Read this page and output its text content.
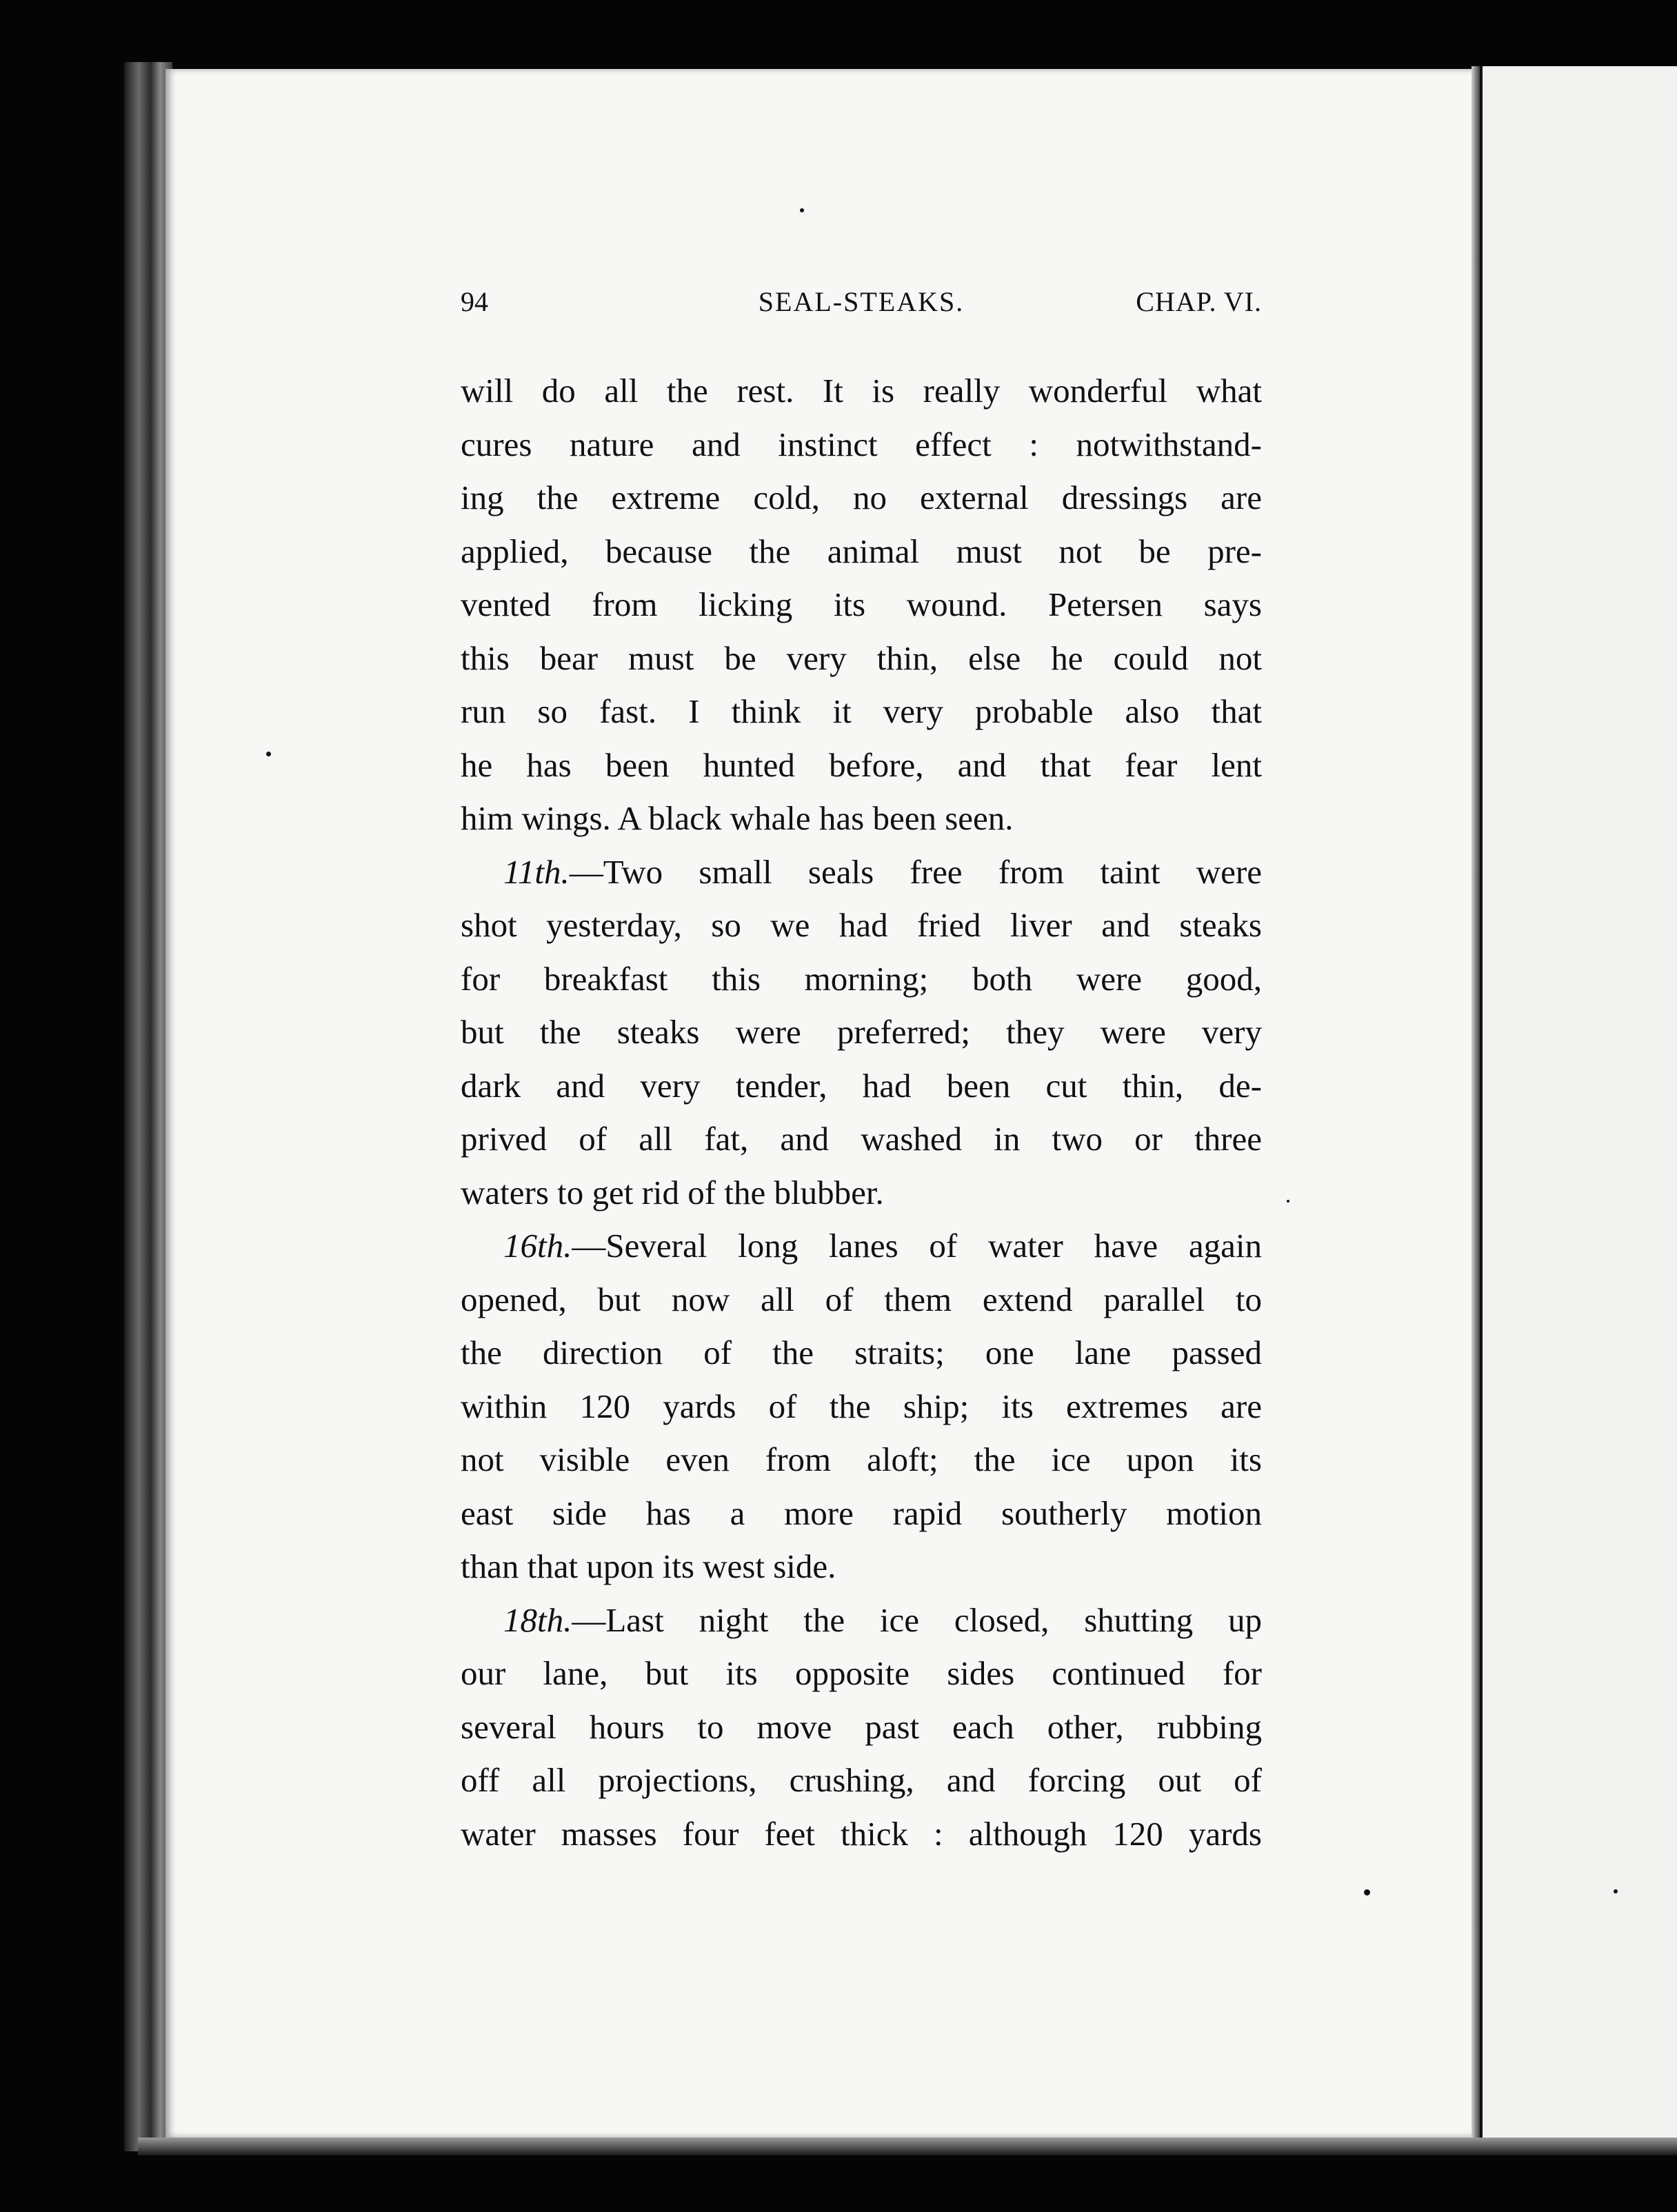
94	SEAL-STEAKS.	CHAP. VI.
will do all the rest. It is really wonderful what
cures nature and instinct effect : notwithstand-
ing the extreme cold, no external dressings are
applied, because the animal must not be pre-
vented from licking its wound. Petersen says
this bear must be very thin, else he could not
run so fast. I think it very probable also that
he has been hunted before, and that fear lent
him wings. A black whale has been seen.
11th.—Two small seals free from taint were
shot yesterday, so we had fried liver and steaks
for breakfast this morning; both were good,
but the steaks were preferred; they were very
dark and very tender, had been cut thin, de-
prived of all fat, and washed in two or three
waters to get rid of the blubber.
16th.—Several long lanes of water have again
opened, but now all of them extend parallel to
the direction of the straits; one lane passed
within 120 yards of the ship; its extremes are
not visible even from aloft; the ice upon its
east side has a more rapid southerly motion
than that upon its west side.
18th.—Last night the ice closed, shutting up
our lane, but its opposite sides continued for
several hours to move past each other, rubbing
off all projections, crushing, and forcing out of
water masses four feet thick : although 120 yards
